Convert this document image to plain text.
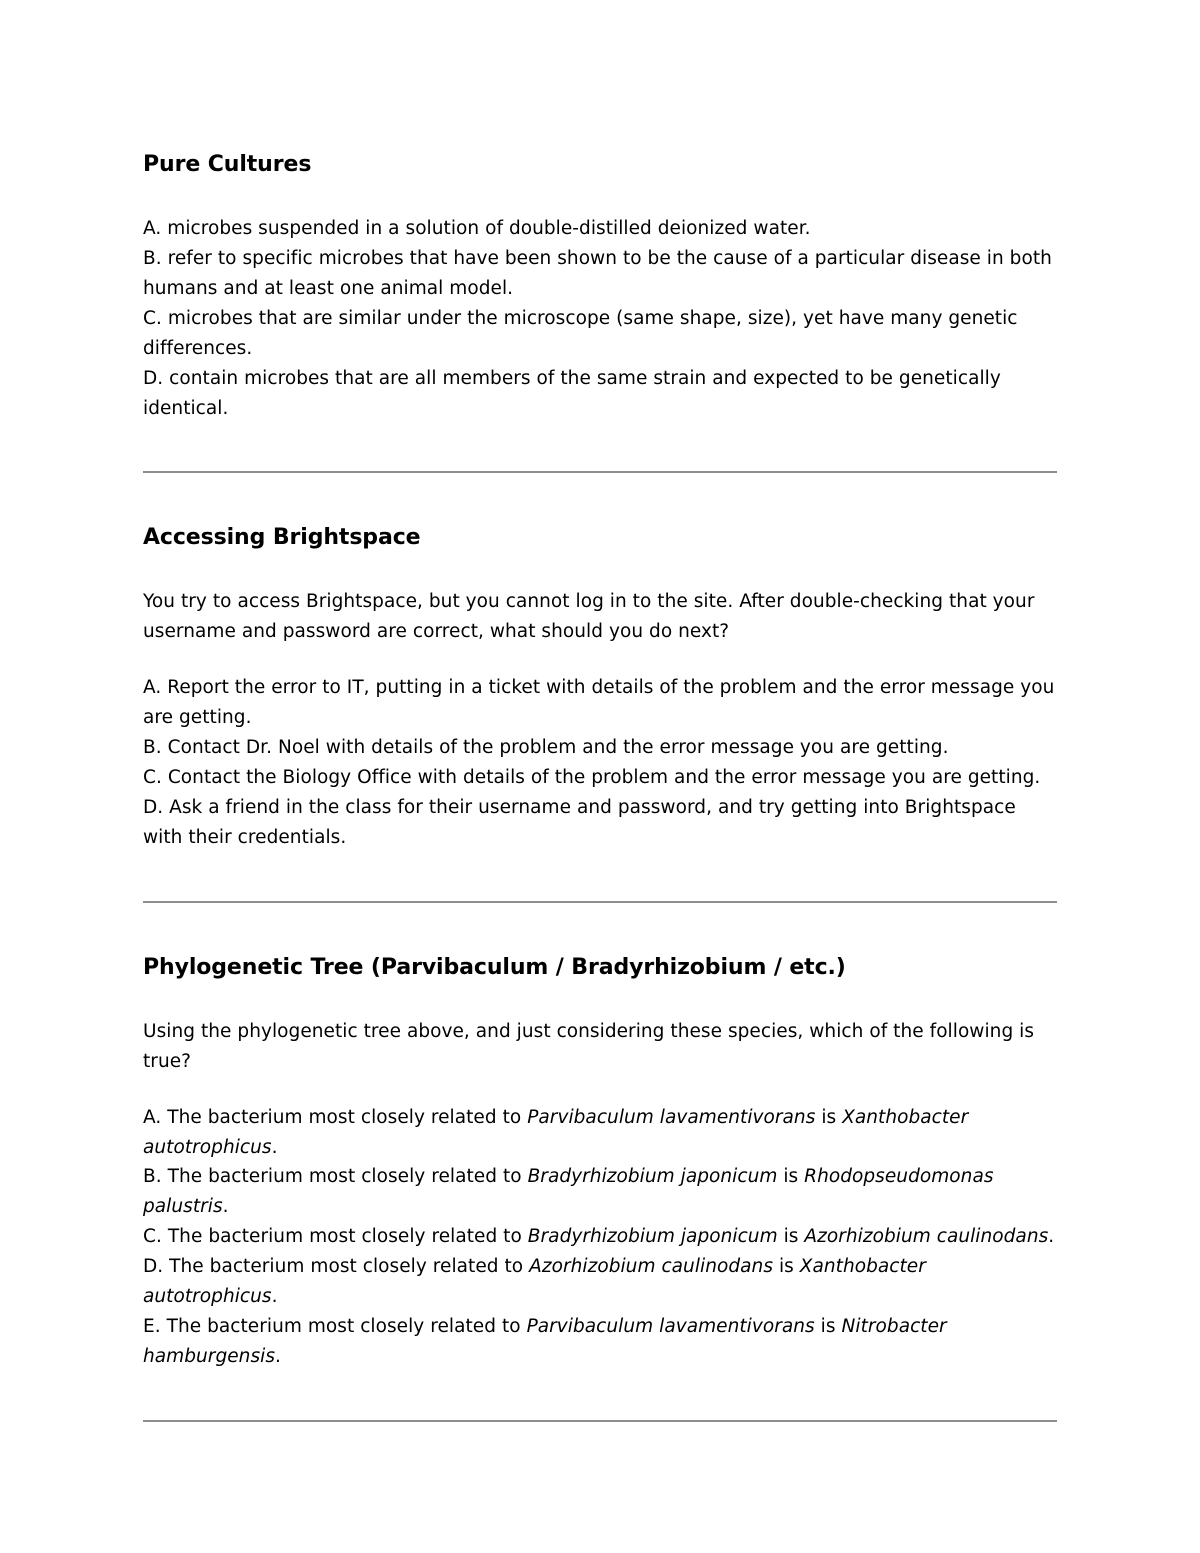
Pure Cultures

A. microbes suspended in a solution of double-distilled deionized water.

B. refer to specific microbes that have been shown to be the cause of a particular disease in both humans and at least one animal model.

C. microbes that are similar under the microscope (same shape, size), yet have many genetic differences.

D. contain microbes that are all members of the same strain and expected to be genetically identical.

Accessing Brightspace

You try to access Brightspace, but you cannot log in to the site. After double-checking that your username and password are correct, what should you do next?

A. Report the error to IT, putting in a ticket with details of the problem and the error message you are getting.

B. Contact Dr. Noel with details of the problem and the error message you are getting.

C. Contact the Biology Office with details of the problem and the error message you are getting.

D. Ask a friend in the class for their username and password, and try getting into Brightspace with their credentials.

Phylogenetic Tree (Parvibaculum / Bradyrhizobium / etc.)

Using the phylogenetic tree above, and just considering these species, which of the following is true?

A. The bacterium most closely related to Parvibaculum lavamentivorans is Xanthobacter autotrophicus.

B. The bacterium most closely related to Bradyrhizobium japonicum is Rhodopseudomonas palustris.

C. The bacterium most closely related to Bradyrhizobium japonicum is Azorhizobium caulinodans.

D. The bacterium most closely related to Azorhizobium caulinodans is Xanthobacter autotrophicus.

E. The bacterium most closely related to Parvibaculum lavamentivorans is Nitrobacter hamburgensis.
